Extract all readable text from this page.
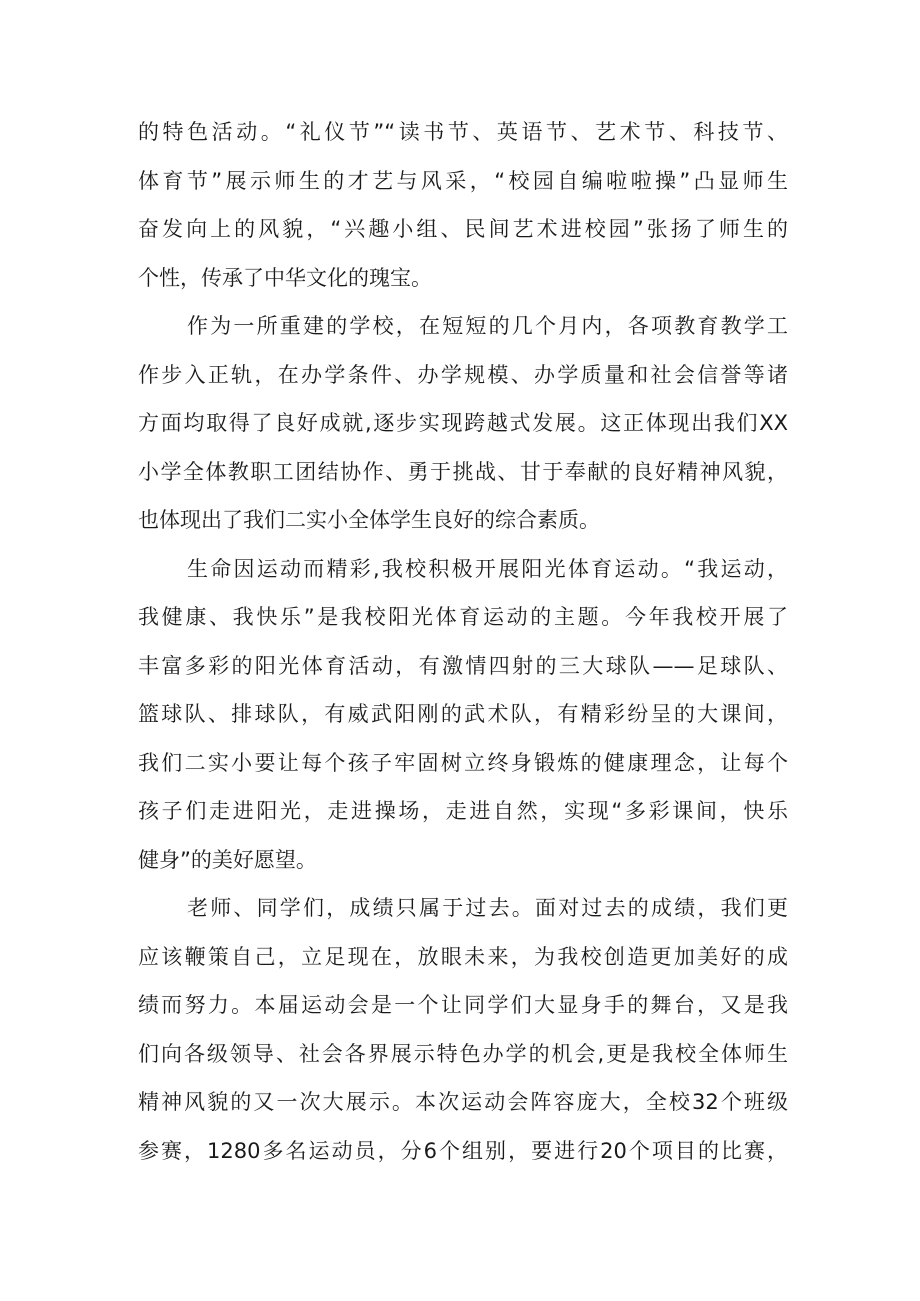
的特色活动。“礼仪节”“读书节、英语节、艺术节、科技节、
体育节”展示师生的才艺与风采，“校园自编啦啦操”凸显师生
奋发向上的风貌，“兴趣小组、民间艺术进校园”张扬了师生的
个性，传承了中华文化的瑰宝。
作为一所重建的学校，在短短的几个月内，各项教育教学工
作步入正轨，在办学条件、办学规模、办学质量和社会信誉等诸
方面均取得了良好成就,逐步实现跨越式发展。这正体现出我们XX
小学全体教职工团结协作、勇于挑战、甘于奉献的良好精神风貌，
也体现出了我们二实小全体学生良好的综合素质。
生命因运动而精彩,我校积极开展阳光体育运动。“我运动，
我健康、我快乐”是我校阳光体育运动的主题。今年我校开展了
丰富多彩的阳光体育活动，有激情四射的三大球队——足球队、
篮球队、排球队，有威武阳刚的武术队，有精彩纷呈的大课间，
我们二实小要让每个孩子牢固树立终身锻炼的健康理念，让每个
孩子们走进阳光，走进操场，走进自然，实现“多彩课间，快乐
健身”的美好愿望。
老师、同学们，成绩只属于过去。面对过去的成绩，我们更
应该鞭策自己，立足现在，放眼未来，为我校创造更加美好的成
绩而努力。本届运动会是一个让同学们大显身手的舞台，又是我
们向各级领导、社会各界展示特色办学的机会,更是我校全体师生
精神风貌的又一次大展示。本次运动会阵容庞大，全校32个班级
参赛，1280多名运动员，分6个组别，要进行20个项目的比赛，
